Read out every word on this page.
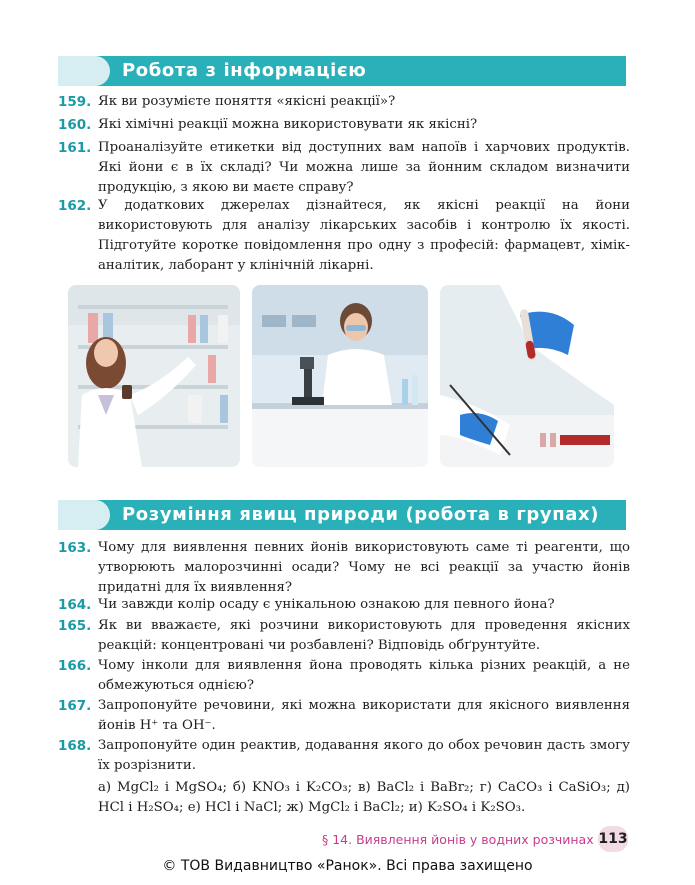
Робота з інформацією
159. Як ви розумієте поняття «якісні реакції»?
160. Які хімічні реакції можна використовувати як якісні?
161. Проаналізуйте етикетки від доступних вам напоїв і харчових продуктів. Які йони є в їх складі? Чи можна лише за йонним складом визначити продукцію, з якою ви маєте справу?
162. У додаткових джерелах дізнайтеся, як якісні реакції на йони використовують для аналізу лікарських засобів і контролю їх якості. Підготуйте коротке повідомлення про одну з професій: фармацевт, хімік-аналітик, лаборант у клінічній лікарні.
Розуміння явищ природи (робота в групах)
163. Чому для виявлення певних йонів використовують саме ті реагенти, що утворюють малорозчинні осади? Чому не всі реакції за участю йонів придатні для їх виявлення?
164. Чи завжди колір осаду є унікальною ознакою для певного йона?
165. Як ви вважаєте, які розчини використовують для проведення якісних реакцій: концентровані чи розбавлені? Відповідь обґрунтуйте.
166. Чому інколи для виявлення йона проводять кілька різних реакцій, а не обмежуються однією?
167. Запропонуйте речовини, які можна використати для якісного виявлення йонів H⁺ та OH⁻.
168. Запропонуйте один реактив, додавання якого до обох речовин дасть змогу їх розрізнити.
а) MgCl₂ і MgSO₄; б) KNO₃ і K₂CO₃; в) BaCl₂ і BaBr₂; г) CaCO₃ і CaSiO₃; д) HCl і H₂SO₄; е) HCl і NaCl; ж) MgCl₂ і BaCl₂; и) K₂SO₄ і K₂SO₃.
§ 14. Виявлення йонів у водних розчинах 113
© ТОВ Видавництво «Ранок». Всі права захищено
